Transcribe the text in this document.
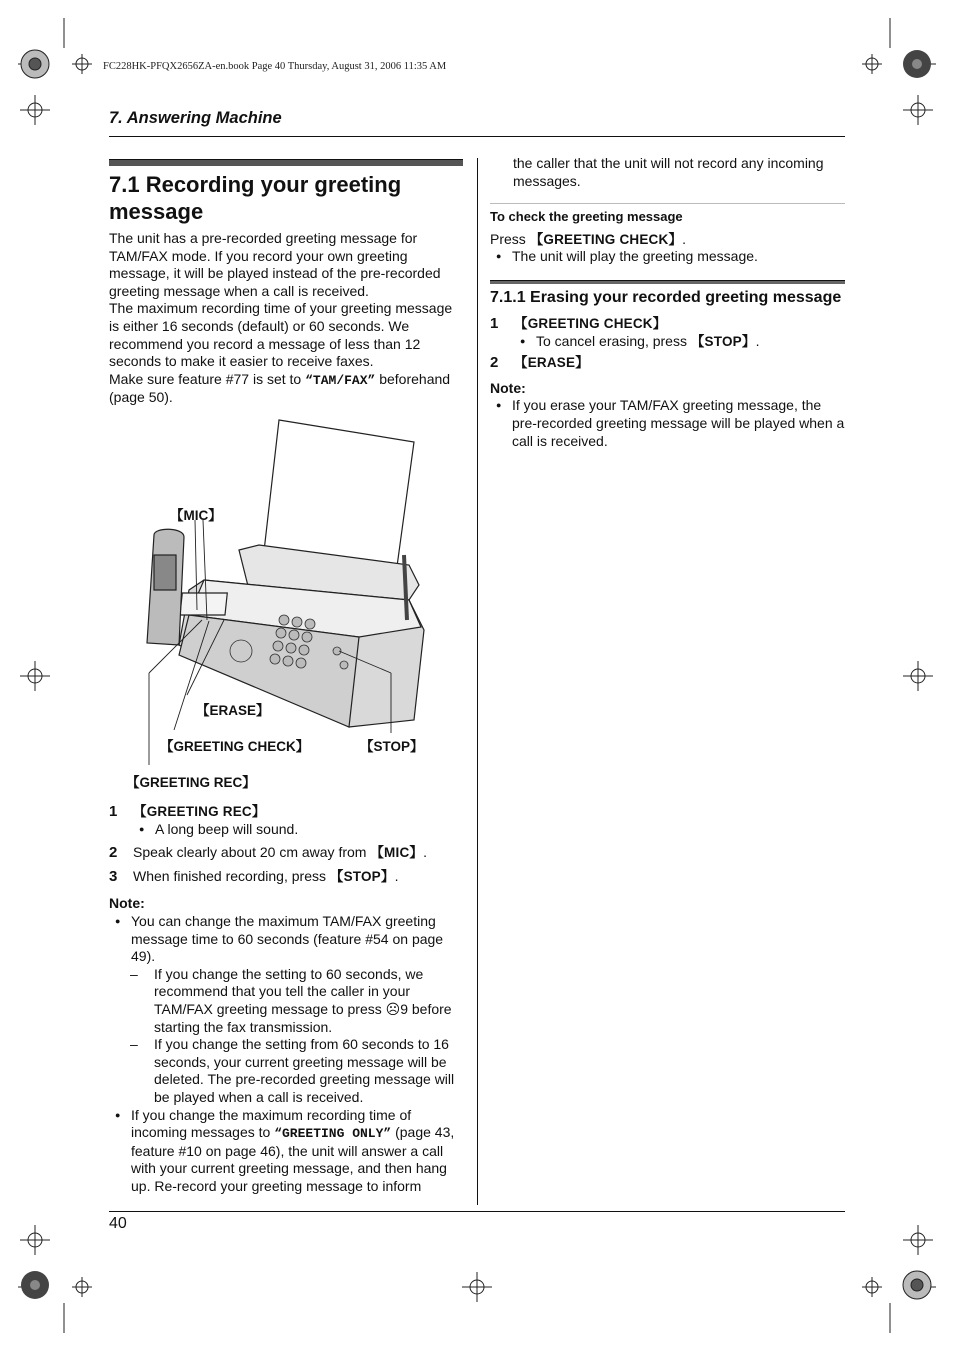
FC228HK-PFQX2656ZA-en.book Page 40 Thursday, August 31, 2006 11:35 AM
7. Answering Machine
7.1 Recording your greeting message
The unit has a pre-recorded greeting message for TAM/FAX mode. If you record your own greeting message, it will be played instead of the pre-recorded greeting message when a call is received.
The maximum recording time of your greeting message is either 16 seconds (default) or 60 seconds. We recommend you record a message of less than 12 seconds to make it easier to receive faxes.
Make sure feature #77 is set to “TAM/FAX” beforehand (page 50).
【MIC】
【ERASE】
【GREETING CHECK】	【STOP】
【GREETING REC】
1	【GREETING REC】
● A long beep will sound.
2	Speak clearly about 20 cm away from 【MIC】.
3	When finished recording, press 【STOP】.
Note:
● You can change the maximum TAM/FAX greeting message time to 60 seconds (feature #54 on page 49).
– If you change the setting to 60 seconds, we recommend that you tell the caller in your TAM/FAX greeting message to press ☹9 before starting the fax transmission.
– If you change the setting from 60 seconds to 16 seconds, your current greeting message will be deleted. The pre-recorded greeting message will be played when a call is received.
● If you change the maximum recording time of incoming messages to “GREETING ONLY” (page 43, feature #10 on page 46), the unit will answer a call with your current greeting message, and then hang up. Re-record your greeting message to inform
the caller that the unit will not record any incoming messages.
To check the greeting message
Press 【GREETING CHECK】.
● The unit will play the greeting message.
7.1.1 Erasing your recorded greeting message
1	【GREETING CHECK】
● To cancel erasing, press 【STOP】.
2	【ERASE】
Note:
● If you erase your TAM/FAX greeting message, the pre-recorded greeting message will be played when a call is received.
40
